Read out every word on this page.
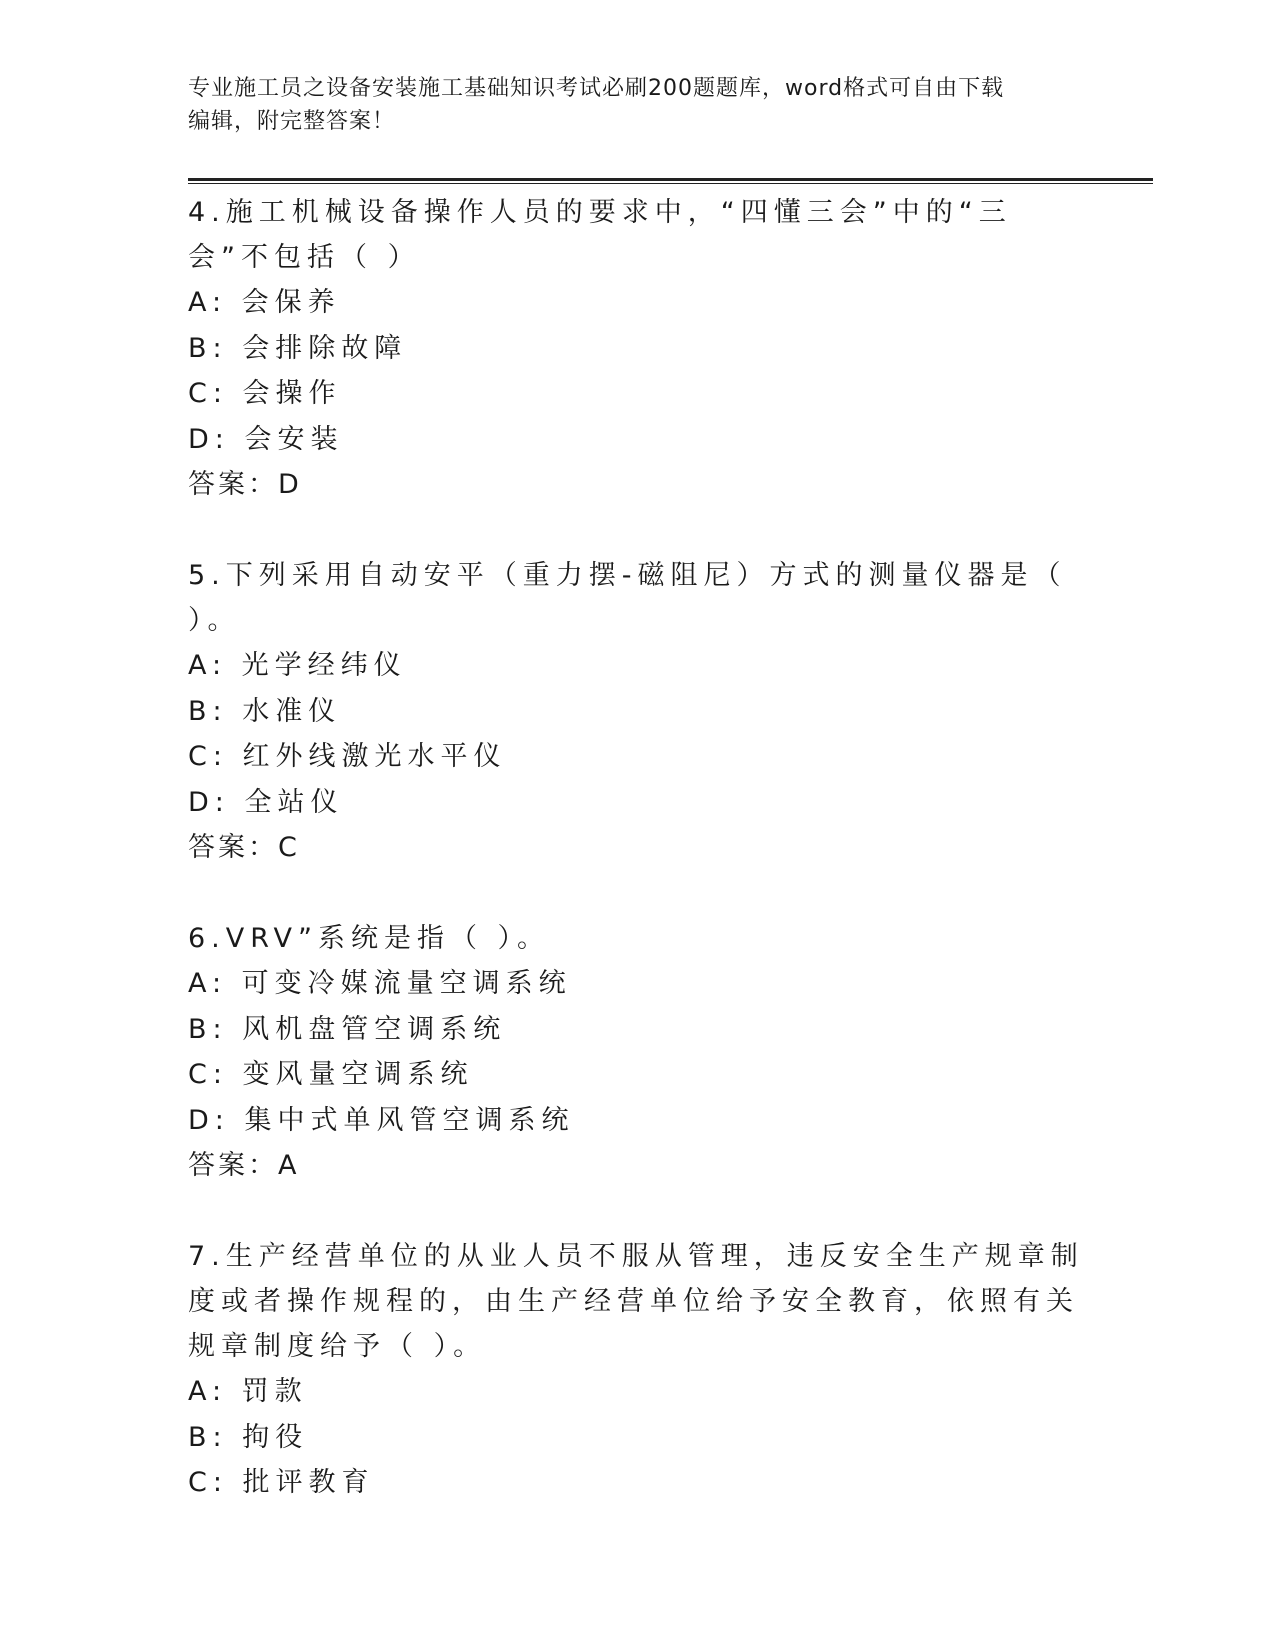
专业施工员之设备安装施工基础知识考试必刷200题题库，word格式可自由下载
编辑，附完整答案！
4.施工机械设备操作人员的要求中，“四懂三会”中的“三会”不包括（ ）
A: 会保养
B: 会排除故障
C: 会操作
D: 会安装
答案：D
5.下列采用自动安平（重力摆-磁阻尼）方式的测量仪器是（ ）。
A: 光学经纬仪
B: 水准仪
C: 红外线激光水平仪
D: 全站仪
答案：C
6.VRV”系统是指（ ）。
A: 可变冷媒流量空调系统
B: 风机盘管空调系统
C: 变风量空调系统
D: 集中式单风管空调系统
答案：A
7.生产经营单位的从业人员不服从管理，违反安全生产规章制度或者操作规程的，由生产经营单位给予安全教育，依照有关规章制度给予（ ）。
A: 罚款
B: 拘役
C: 批评教育
